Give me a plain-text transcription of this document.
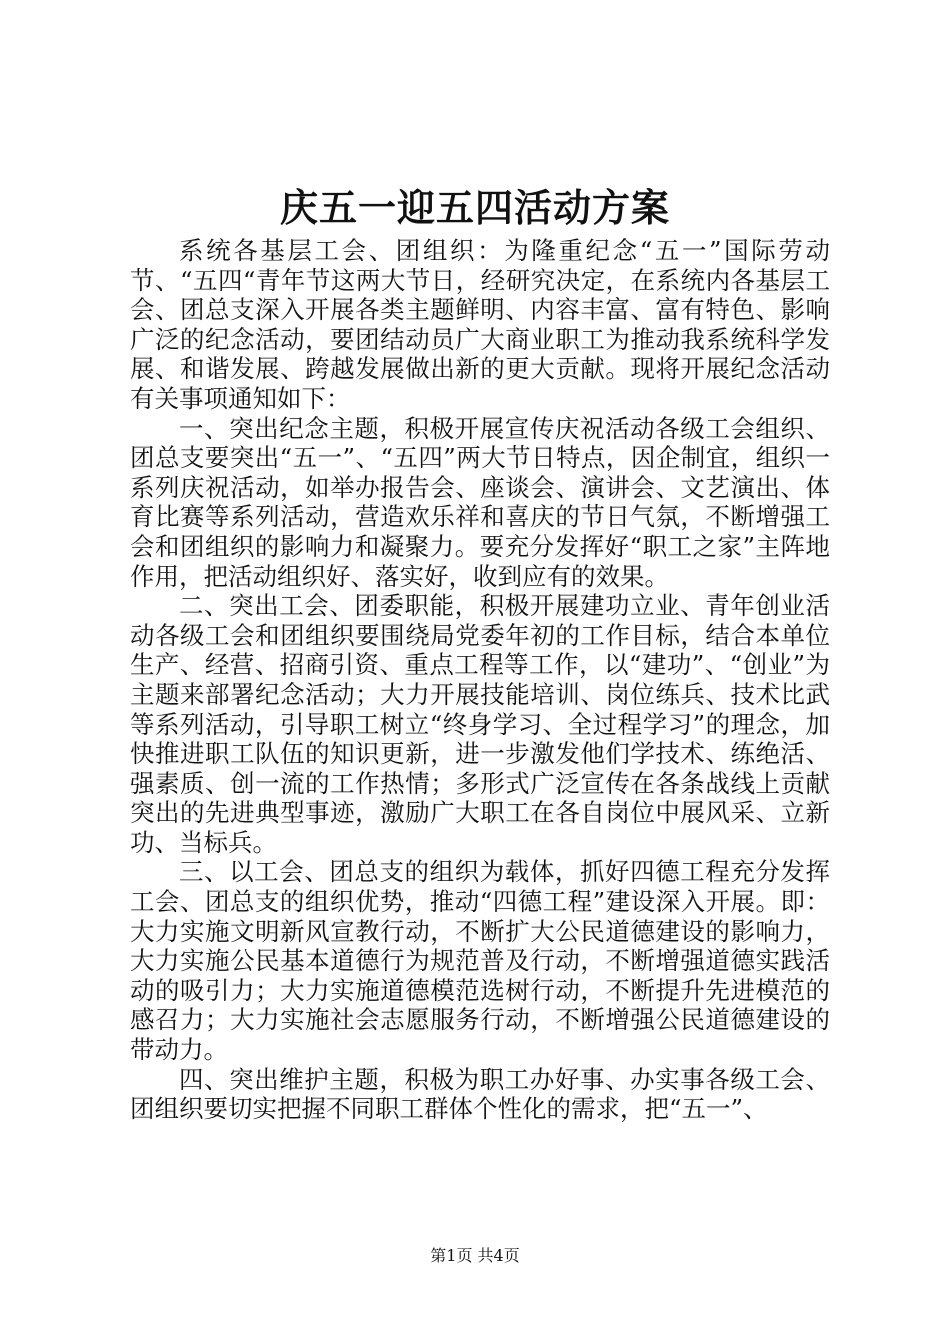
庆五一迎五四活动方案

系统各基层工会、团组织：为隆重纪念“五一”国际劳动节、“五四“青年节这两大节日，经研究决定，在系统内各基层工会、团总支深入开展各类主题鲜明、内容丰富、富有特色、影响广泛的纪念活动，要团结动员广大商业职工为推动我系统科学发展、和谐发展、跨越发展做出新的更大贡献。现将开展纪念活动有关事项通知如下：

一、突出纪念主题，积极开展宣传庆祝活动各级工会组织、团总支要突出“五一”、“五四”两大节日特点，因企制宜，组织一系列庆祝活动，如举办报告会、座谈会、演讲会、文艺演出、体育比赛等系列活动，营造欢乐祥和喜庆的节日气氛，不断增强工会和团组织的影响力和凝聚力。要充分发挥好“职工之家”主阵地作用，把活动组织好、落实好，收到应有的效果。

二、突出工会、团委职能，积极开展建功立业、青年创业活动各级工会和团组织要围绕局党委年初的工作目标，结合本单位生产、经营、招商引资、重点工程等工作，以“建功”、“创业”为主题来部署纪念活动；大力开展技能培训、岗位练兵、技术比武等系列活动，引导职工树立“终身学习、全过程学习”的理念，加快推进职工队伍的知识更新，进一步激发他们学技术、练绝活、强素质、创一流的工作热情；多形式广泛宣传在各条战线上贡献突出的先进典型事迹，激励广大职工在各自岗位中展风采、立新功、当标兵。

三、以工会、团总支的组织为载体，抓好四德工程充分发挥工会、团总支的组织优势，推动“四德工程”建设深入开展。即：大力实施文明新风宣教行动，不断扩大公民道德建设的影响力，大力实施公民基本道德行为规范普及行动，不断增强道德实践活动的吸引力；大力实施道德模范选树行动，不断提升先进模范的感召力；大力实施社会志愿服务行动，不断增强公民道德建设的带动力。

四、突出维护主题，积极为职工办好事、办实事各级工会、团组织要切实把握不同职工群体个性化的需求，把“五一”、

第1页 共4页
